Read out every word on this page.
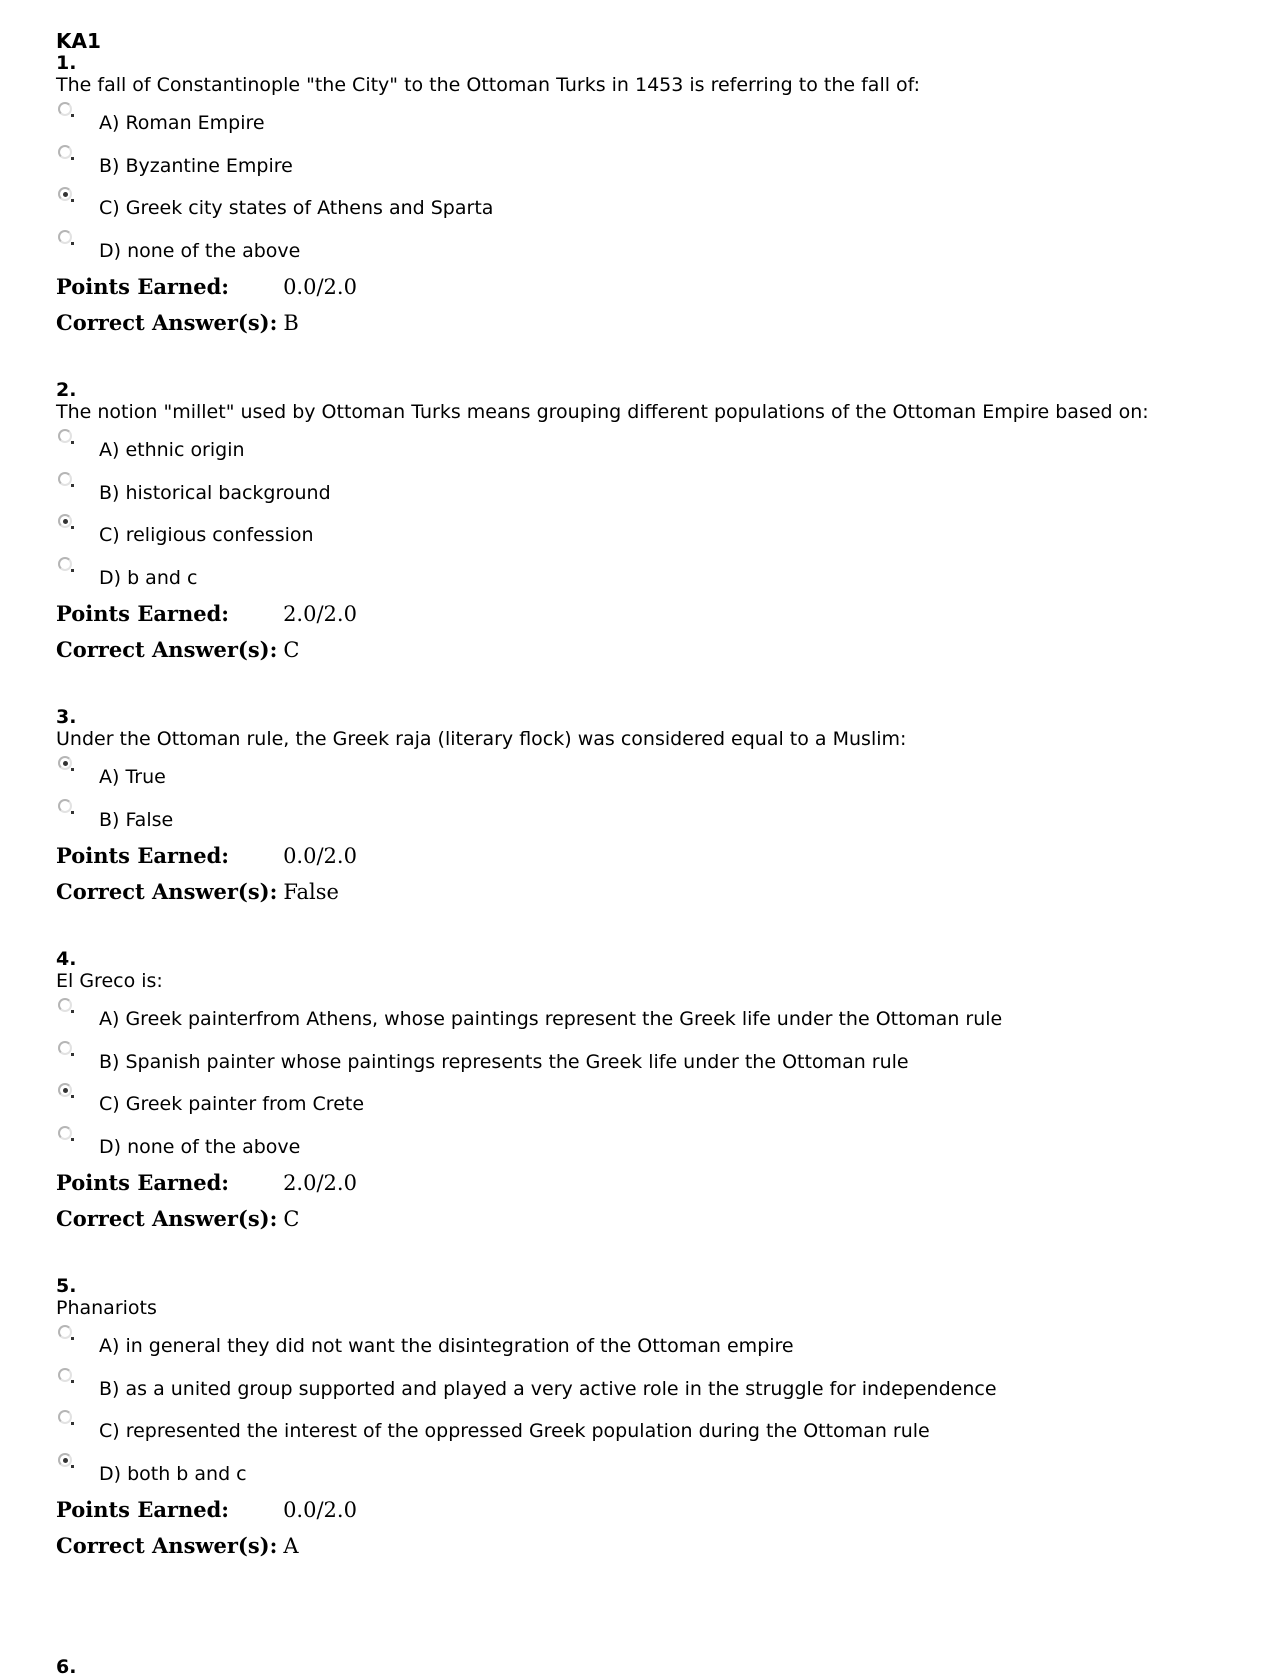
KA1
1.
The fall of Constantinople "the City" to the Ottoman Turks in 1453 is referring to the fall of:
A) Roman Empire
B) Byzantine Empire
C) Greek city states of Athens and Sparta
D) none of the above
Points Earned:	0.0/2.0
Correct Answer(s): B
2.
The notion "millet" used by Ottoman Turks means grouping different populations of the Ottoman Empire based on:
A) ethnic origin
B) historical background
C) religious confession
D) b and c
Points Earned:	2.0/2.0
Correct Answer(s): C
3.
Under the Ottoman rule, the Greek raja (literary flock) was considered equal to a Muslim:
A) True
B) False
Points Earned:	0.0/2.0
Correct Answer(s): False
4.
El Greco is:
A) Greek painterfrom Athens, whose paintings represent the Greek life under the Ottoman rule
B) Spanish painter whose paintings represents the Greek life under the Ottoman rule
C) Greek painter from Crete
D) none of the above
Points Earned:	2.0/2.0
Correct Answer(s): C
5.
Phanariots
A) in general they did not want the disintegration of the Ottoman empire
B) as a united group supported and played a very active role in the struggle for independence
C) represented the interest of the oppressed Greek population during the Ottoman rule
D) both b and c
Points Earned:	0.0/2.0
Correct Answer(s): A
6.
